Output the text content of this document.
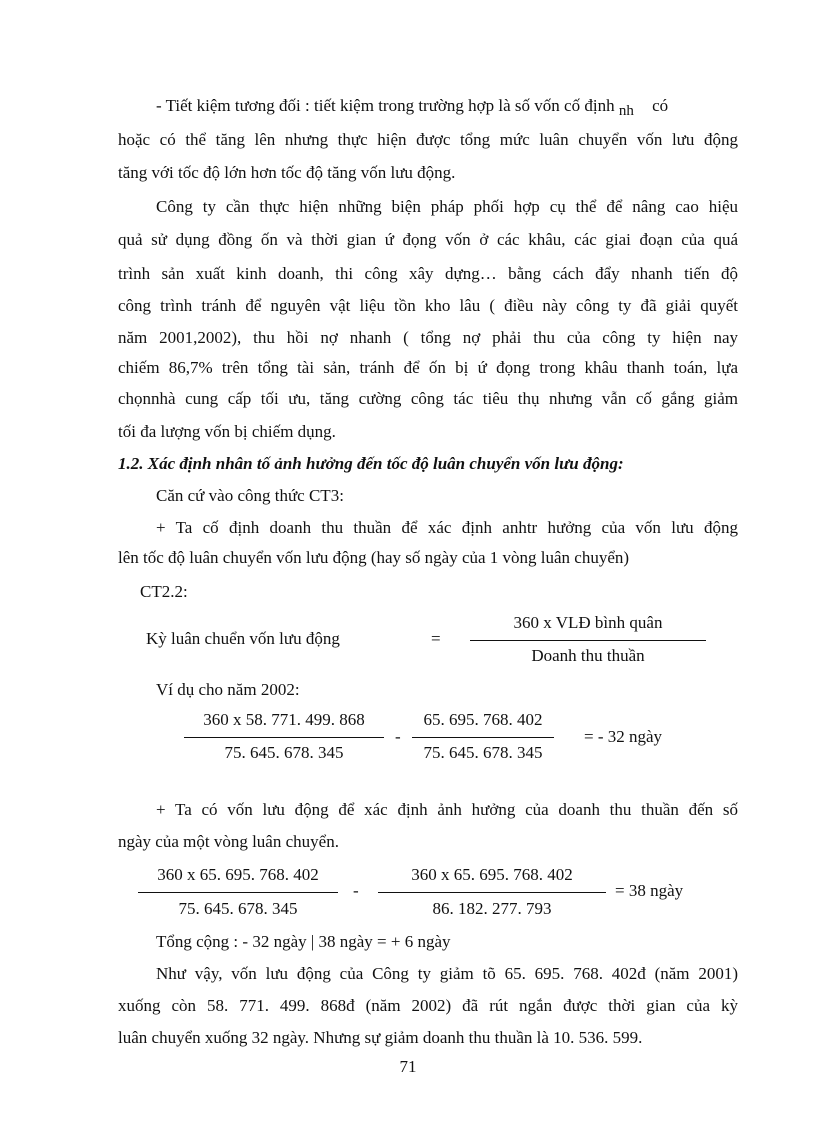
- Tiết kiệm tương đối : tiết kiệm trong trường hợp là số vốn cố định nh có
hoặc có thể tăng lên nhưng thực hiện được tổng mức luân chuyển vốn lưu động
tăng với tốc độ lớn hơn tốc độ tăng vốn lưu động.
Công ty cần thực hiện những biện pháp phối hợp cụ thể để nâng cao hiệu
quả sử dụng đồng ốn và thời gian ứ đọng vốn ở các khâu, các giai đoạn của quá
trình sản xuất kinh doanh, thi công xây dựng… bằng cách đẩy nhanh tiến độ
công trình tránh để nguyên vật liệu tồn kho lâu ( điều này công ty đã giải quyết
năm 2001,2002), thu hồi nợ nhanh ( tổng nợ phải thu của công ty hiện nay
chiếm 86,7% trên tổng tài sản, tránh để ốn bị ứ đọng trong khâu thanh toán, lựa
chọnnhà cung cấp tối ưu, tăng cường công tác tiêu thụ nhưng vẫn cố gắng giảm
tối đa lượng vốn bị chiếm dụng.
1.2. Xác định nhân tố ảnh hưởng đến tốc độ luân chuyển vốn lưu động:
Căn cứ vào công thức CT3:
+ Ta cố định doanh thu thuần để xác định anhtr hưởng của vốn lưu động
lên tốc độ luân chuyển vốn lưu động (hay số ngày của 1 vòng luân chuyển)
CT2.2:
Kỳ luân chuển vốn lưu động	=
360 x VLĐ bình quân
Doanh thu thuần
Ví dụ cho năm 2002:
360 x 58. 771. 499. 868
75. 645. 678. 345
-
65. 695. 768. 402
75. 645. 678. 345
= - 32 ngày
+ Ta có vốn lưu động để xác định ảnh hưởng của doanh thu thuần đến số
ngày của một vòng luân chuyển.
360 x 65. 695. 768. 402
75. 645. 678. 345
-
360 x 65. 695. 768. 402
86. 182. 277. 793
= 38 ngày
Tổng cộng : - 32 ngày | 38 ngày = + 6 ngày
Như vậy, vốn lưu động của Công ty giảm tõ 65. 695. 768. 402đ (năm 2001)
xuống còn 58. 771. 499. 868đ (năm 2002) đã rút ngắn được thời gian của kỳ
luân chuyển xuống 32 ngày. Nhưng sự giảm doanh thu thuần là 10. 536. 599.
71
